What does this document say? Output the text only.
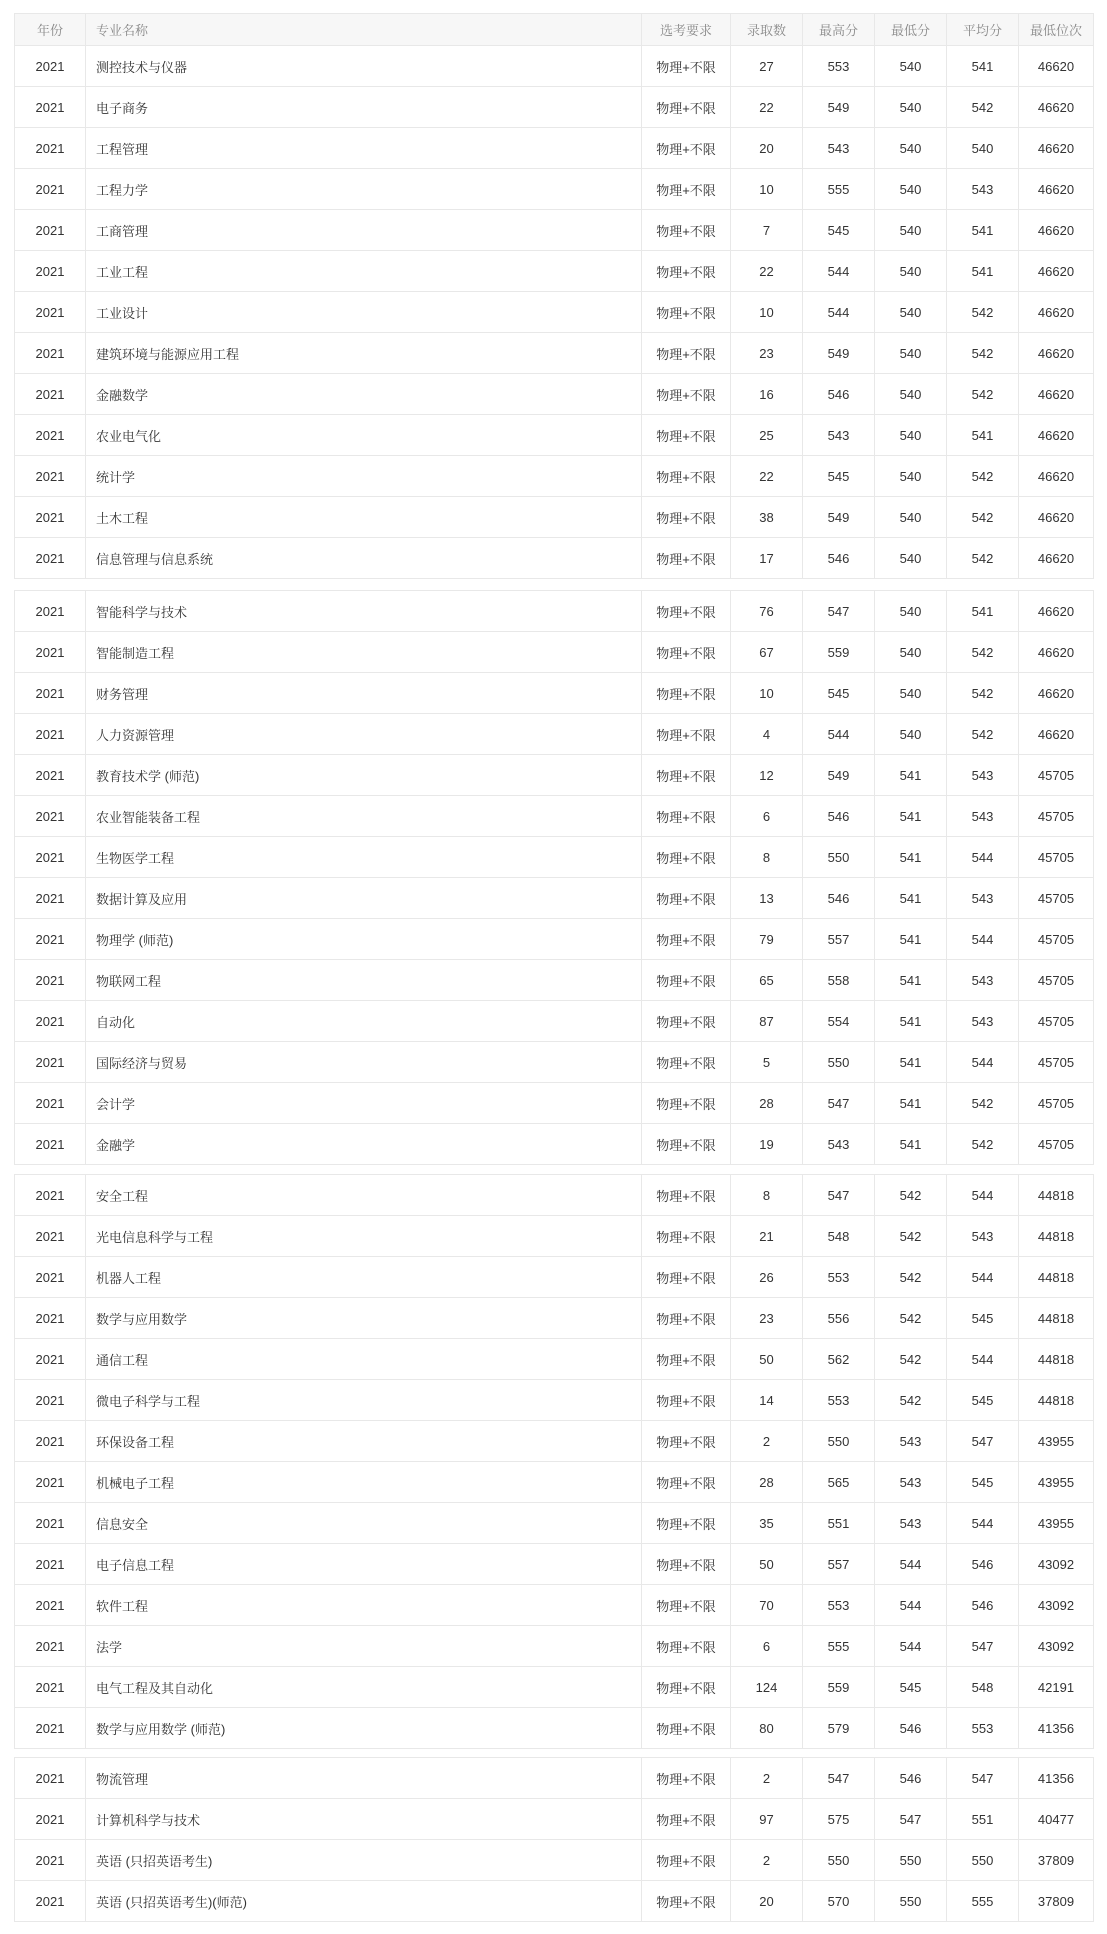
年份	专业名称	选考要求	录取数	最高分	最低分	平均分	最低位次
2021	测控技术与仪器	物理+不限	27	553	540	541	46620
2021	电子商务	物理+不限	22	549	540	542	46620
2021	工程管理	物理+不限	20	543	540	540	46620
2021	工程力学	物理+不限	10	555	540	543	46620
2021	工商管理	物理+不限	7	545	540	541	46620
2021	工业工程	物理+不限	22	544	540	541	46620
2021	工业设计	物理+不限	10	544	540	542	46620
2021	建筑环境与能源应用工程	物理+不限	23	549	540	542	46620
2021	金融数学	物理+不限	16	546	540	542	46620
2021	农业电气化	物理+不限	25	543	540	541	46620
2021	统计学	物理+不限	22	545	540	542	46620
2021	土木工程	物理+不限	38	549	540	542	46620
2021	信息管理与信息系统	物理+不限	17	546	540	542	46620
2021	智能科学与技术	物理+不限	76	547	540	541	46620
2021	智能制造工程	物理+不限	67	559	540	542	46620
2021	财务管理	物理+不限	10	545	540	542	46620
2021	人力资源管理	物理+不限	4	544	540	542	46620
2021	教育技术学 (师范)	物理+不限	12	549	541	543	45705
2021	农业智能装备工程	物理+不限	6	546	541	543	45705
2021	生物医学工程	物理+不限	8	550	541	544	45705
2021	数据计算及应用	物理+不限	13	546	541	543	45705
2021	物理学 (师范)	物理+不限	79	557	541	544	45705
2021	物联网工程	物理+不限	65	558	541	543	45705
2021	自动化	物理+不限	87	554	541	543	45705
2021	国际经济与贸易	物理+不限	5	550	541	544	45705
2021	会计学	物理+不限	28	547	541	542	45705
2021	金融学	物理+不限	19	543	541	542	45705
2021	安全工程	物理+不限	8	547	542	544	44818
2021	光电信息科学与工程	物理+不限	21	548	542	543	44818
2021	机器人工程	物理+不限	26	553	542	544	44818
2021	数学与应用数学	物理+不限	23	556	542	545	44818
2021	通信工程	物理+不限	50	562	542	544	44818
2021	微电子科学与工程	物理+不限	14	553	542	545	44818
2021	环保设备工程	物理+不限	2	550	543	547	43955
2021	机械电子工程	物理+不限	28	565	543	545	43955
2021	信息安全	物理+不限	35	551	543	544	43955
2021	电子信息工程	物理+不限	50	557	544	546	43092
2021	软件工程	物理+不限	70	553	544	546	43092
2021	法学	物理+不限	6	555	544	547	43092
2021	电气工程及其自动化	物理+不限	124	559	545	548	42191
2021	数学与应用数学 (师范)	物理+不限	80	579	546	553	41356
2021	物流管理	物理+不限	2	547	546	547	41356
2021	计算机科学与技术	物理+不限	97	575	547	551	40477
2021	英语 (只招英语考生)	物理+不限	2	550	550	550	37809
2021	英语 (只招英语考生)(师范)	物理+不限	20	570	550	555	37809
